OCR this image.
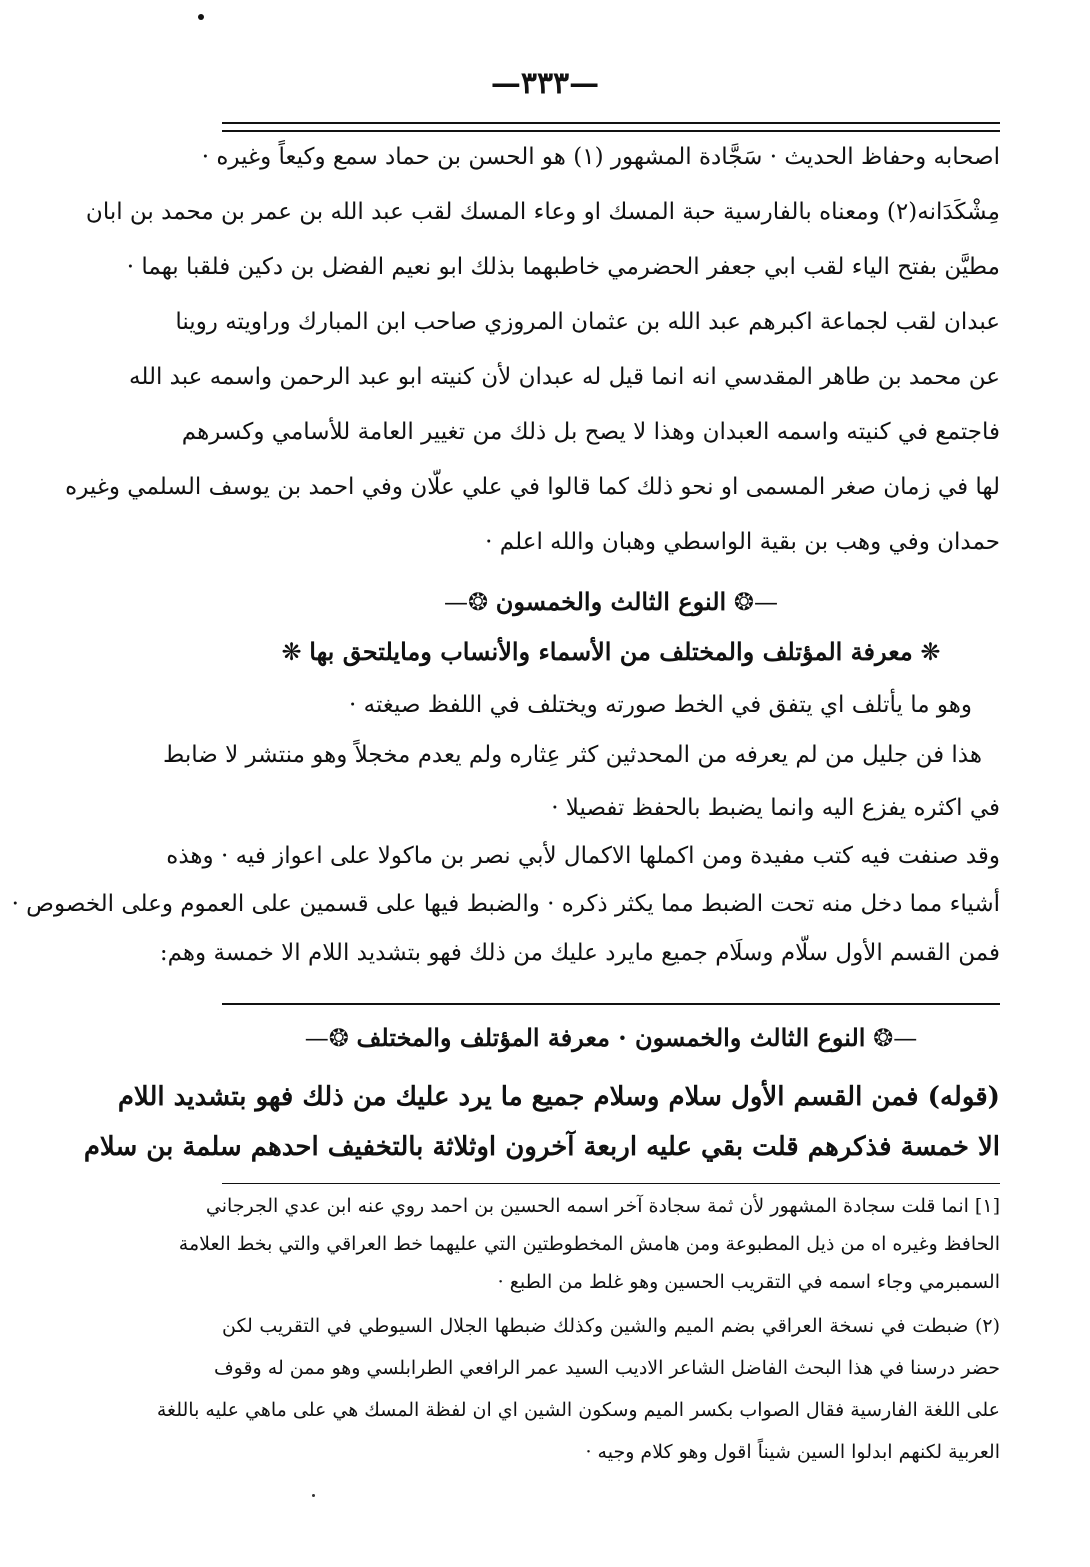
—٣٣٣—
اصحابه وحفاظ الحديث · سَجَّادة المشهور (١) هو الحسن بن حماد سمع وكيعاً وغيره ·
مِشْكَدَانه(٢) ومعناه بالفارسية حبة المسك او وعاء المسك لقب عبد الله بن عمر بن محمد بن ابان
مطيَّن بفتح الياء لقب ابي جعفر الحضرمي خاطبهما بذلك ابو نعيم الفضل بن دكين فلقبا بهما ·
عبدان لقب لجماعة اكبرهم عبد الله بن عثمان المروزي صاحب ابن المبارك وراويته روينا
عن محمد بن طاهر المقدسي انه انما قيل له عبدان لأن كنيته ابو عبد الرحمن واسمه عبد الله
فاجتمع في كنيته واسمه العبدان وهذا لا يصح بل ذلك من تغيير العامة للأسامي وكسرهم
لها في زمان صغر المسمى او نحو ذلك كما قالوا في علي علّان وفي احمد بن يوسف السلمي وغيره
حمدان وفي وهب بن بقية الواسطي وهبان والله اعلم ·
—❂ النوع الثالث والخمسون ❂—
❋ معرفة المؤتلف والمختلف من الأسماء والأنساب ومايلتحق بها ❋
وهو ما يأتلف اي يتفق في الخط صورته ويختلف في اللفظ صيغته ·
هذا فن جليل من لم يعرفه من المحدثين كثر عِثاره ولم يعدم مخجلاً وهو منتشر لا ضابط
في اكثره يفزع اليه وانما يضبط بالحفظ تفصيلا ·
وقد صنفت فيه كتب مفيدة ومن اكملها الاكمال لأبي نصر بن ماكولا على اعواز فيه · وهذه
أشياء مما دخل منه تحت الضبط مما يكثر ذكره · والضبط فيها على قسمين على العموم وعلى الخصوص ·
فمن القسم الأول سلّام وسلَام جميع مايرد عليك من ذلك فهو بتشديد اللام الا خمسة وهم:
—❂ النوع الثالث والخمسون · معرفة المؤتلف والمختلف ❂—
(قوله) فمن القسم الأول سلام وسلام جميع ما يرد عليك من ذلك فهو بتشديد اللام
الا خمسة فذكرهم قلت بقي عليه اربعة آخرون اوثلاثة بالتخفيف احدهم سلمة بن سلام
[١] انما قلت سجادة المشهور لأن ثمة سجادة آخر اسمه الحسين بن احمد روي عنه ابن عدي الجرجاني
الحافظ وغيره اه من ذيل المطبوعة ومن هامش المخطوطتين التي عليهما خط العراقي والتي بخط العلامة
السمبرمي وجاء اسمه في التقريب الحسين وهو غلط من الطبع ·
(٢) ضبطت في نسخة العراقي بضم الميم والشين وكذلك ضبطها الجلال السيوطي في التقريب لكن
حضر درسنا في هذا البحث الفاضل الشاعر الاديب السيد عمر الرافعي الطرابلسي وهو ممن له وقوف
على اللغة الفارسية فقال الصواب بكسر الميم وسكون الشين اي ان لفظة المسك هي على ماهي عليه باللغة
العربية لكنهم ابدلوا السين شيناً اقول وهو كلام وجيه ·
